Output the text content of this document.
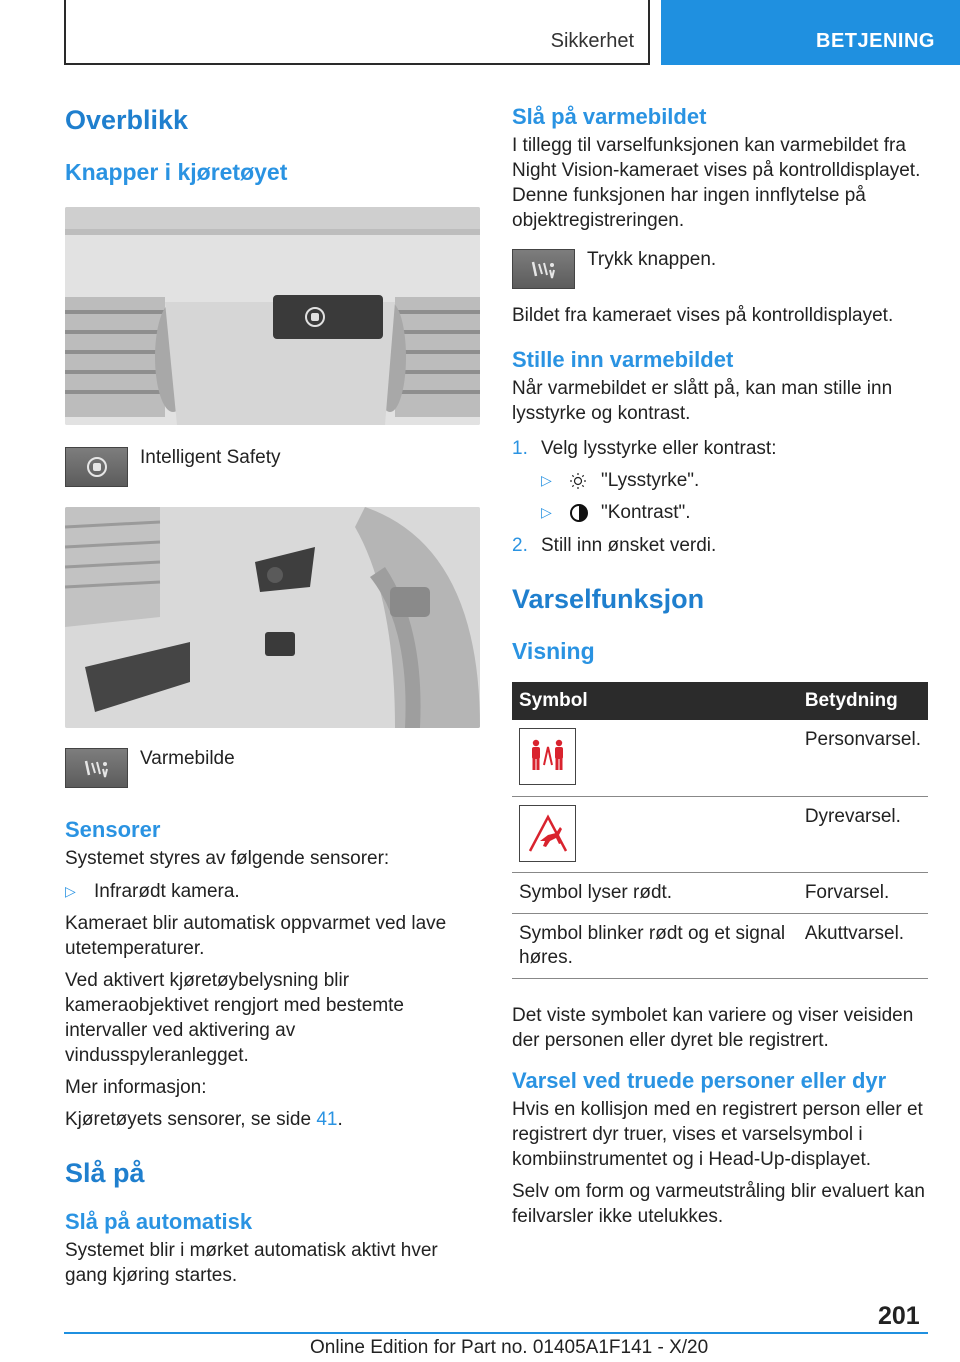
Sikkerhet	BETJENING
Overblikk
Knapper i kjøretøyet
Intelligent Safety
Varmebilde
Sensorer

Systemet styres av følgende sensorer:

▷ Infrarødt kamera.

Kameraet blir automatisk oppvarmet ved lave utetemperaturer.

Ved aktivert kjøretøybelysning blir kameraobjektivet rengjort med bestemte intervaller ved aktivering av vindusspyleranlegget.

Mer informasjon:

Kjøretøyets sensorer, se side 41.

Slå på
Slå på automatisk

Systemet blir i mørket automatisk aktivt hver gang kjøring startes.

Slå på varmebildet

I tillegg til varselfunksjonen kan varmebildet fra Night Vision-kameraet vises på kontrolldisplayet. Denne funksjonen har ingen innflytelse på objektregistreringen.

Trykk knappen.

Bildet fra kameraet vises på kontrolldisplayet.

Stille inn varmebildet

Når varmebildet er slått på, kan man stille inn lysstyrke og kontrast.

1. Velg lysstyrke eller kontrast:
▷	"Lysstyrke".
▷	"Kontrast".
2. Still inn ønsket verdi.
Varselfunksjon
Visning
Symbol	Betydning

	Personvarsel.

	Dyrevarsel.
Symbol lyser rødt.	Forvarsel.
Symbol blinker rødt og et signal høres.	Akuttvarsel.

Det viste symbolet kan variere og viser veisiden der personen eller dyret ble registrert.

Varsel ved truede personer eller dyr

Hvis en kollisjon med en registrert person eller et registrert dyr truer, vises et varselsymbol i kombiinstrumentet og i Head-Up-displayet.

Selv om form og varmeutstråling blir evaluert kan feilvarsler ikke utelukkes.

201
Online Edition for Part no. 01405A1F141 - X/20
